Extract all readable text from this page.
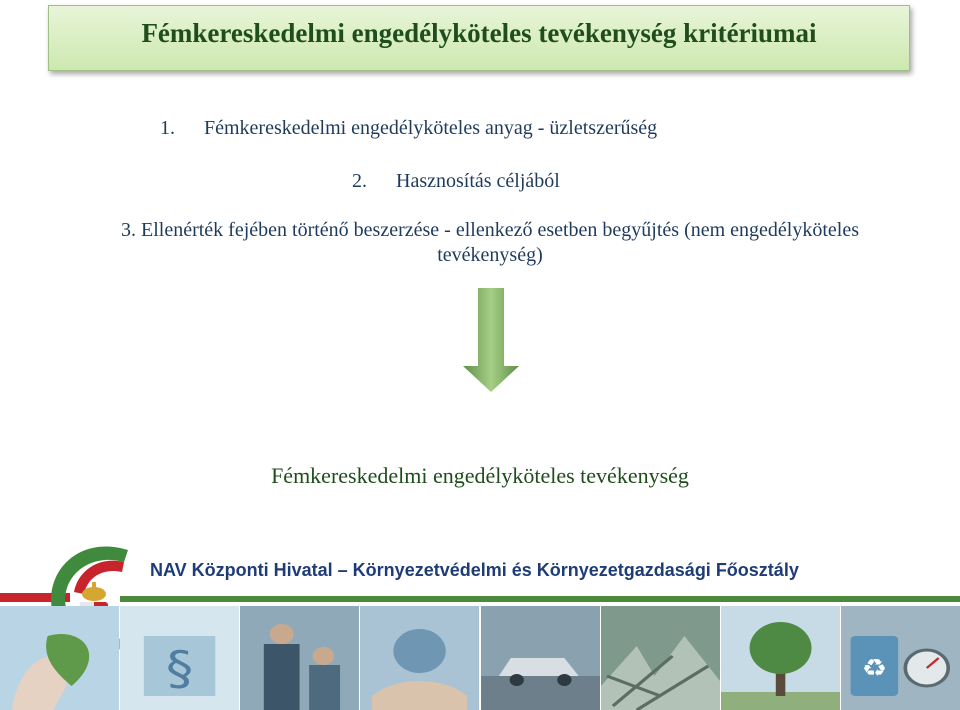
Fémkereskedelmi engedélyköteles tevékenység kritériumai
1. Fémkereskedelmi engedélyköteles anyag - üzletszerűség
2. Hasznosítás céljából
3. Ellenérték fejében történő beszerzése - ellenkező esetben begyűjtés (nem engedélyköteles tevékenység)
Fémkereskedelmi engedélyköteles tevékenység
NAV Központi Hivatal – Környezetvédelmi és Környezetgazdasági Főosztály
§	♻
